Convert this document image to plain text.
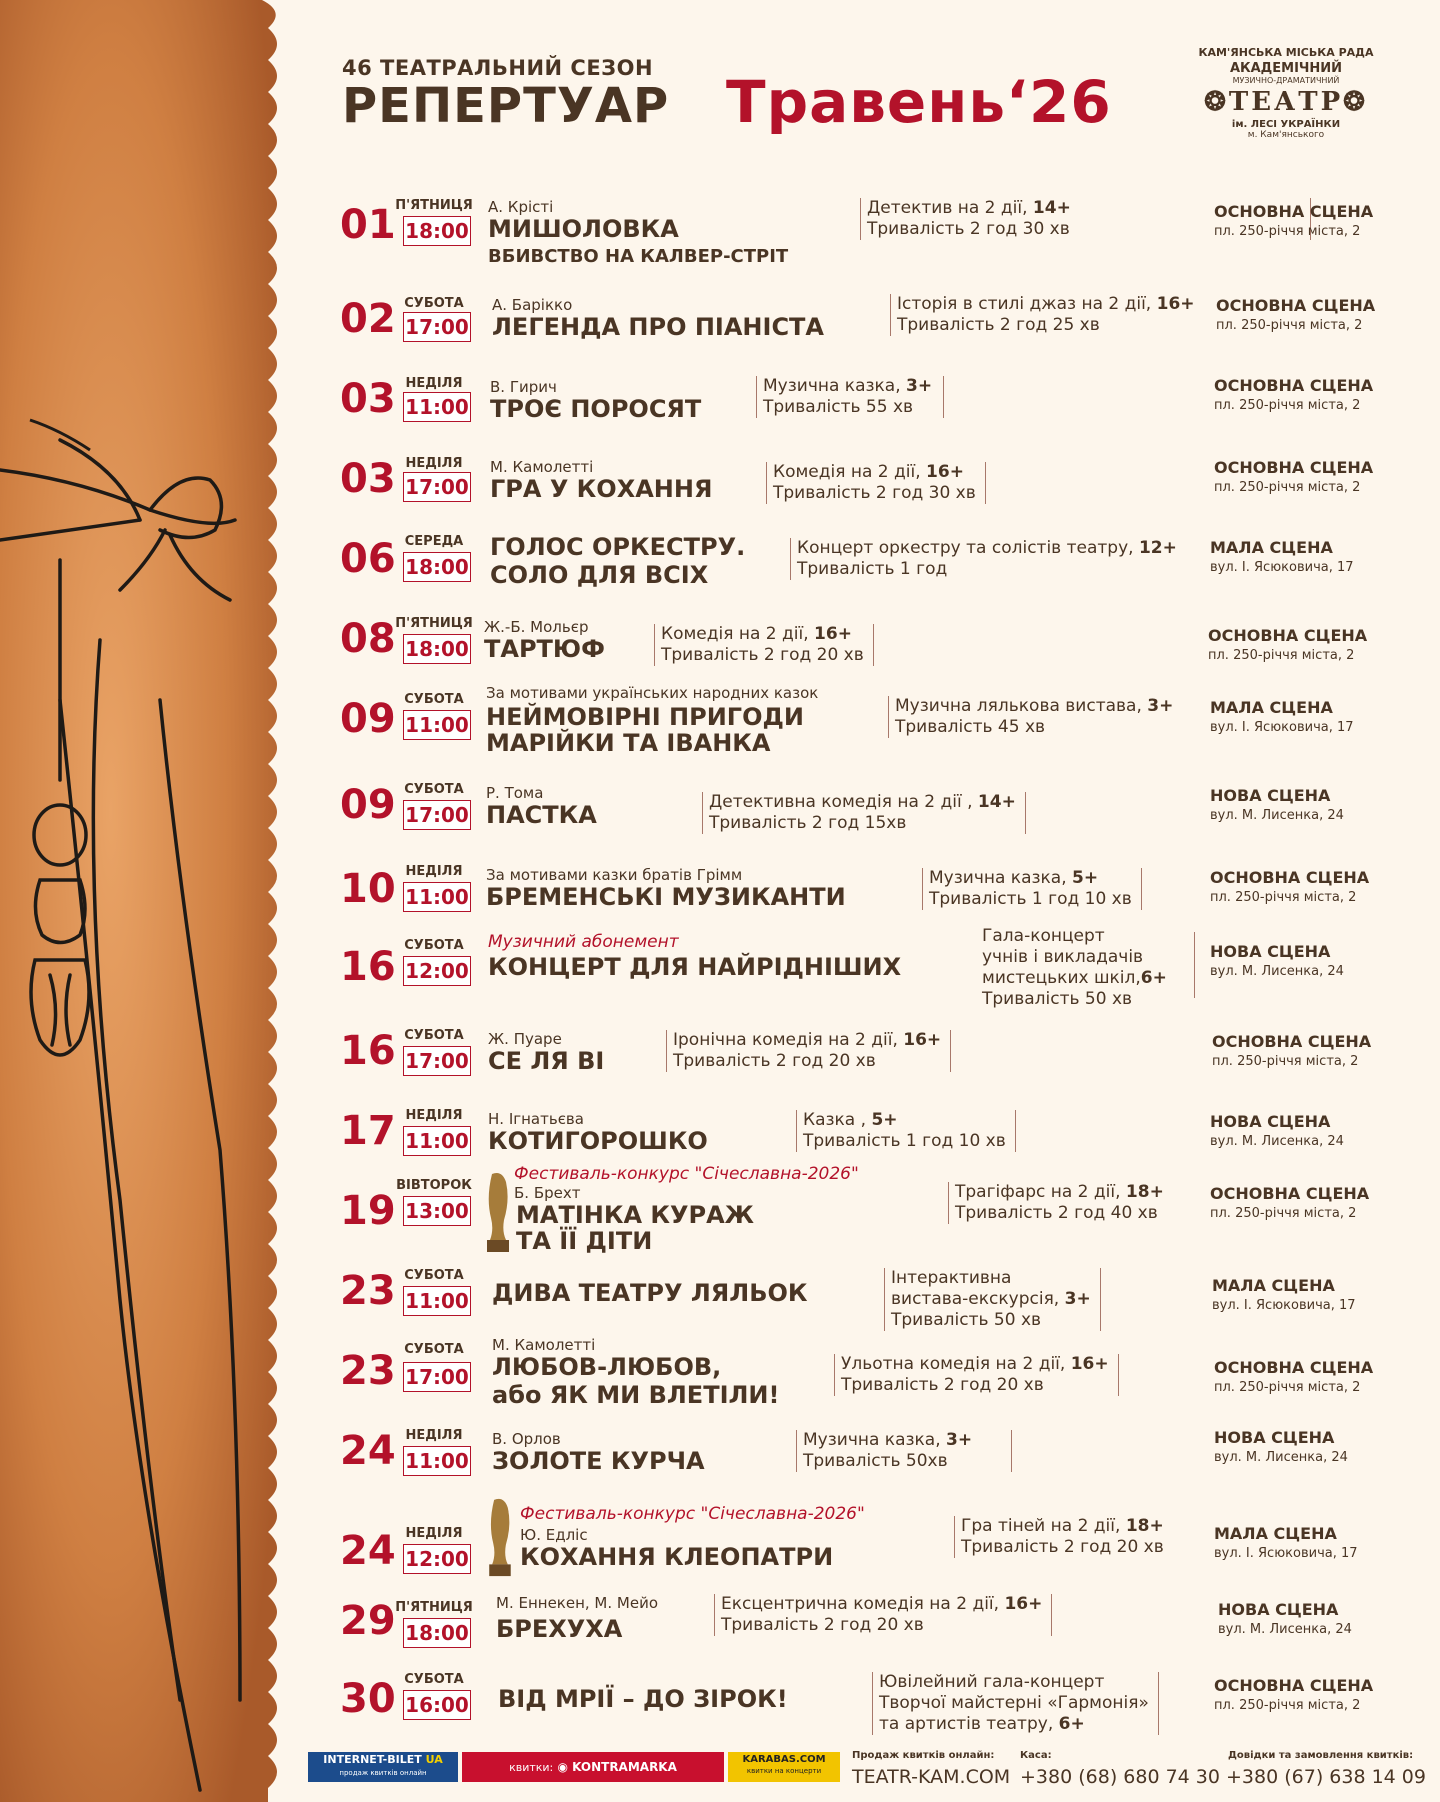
46 ТЕАТРАЛЬНИЙ СЕЗОН
РЕПЕРТУАР Травень‘26
КАМ'ЯНСЬКА МІСЬКА РАДА
АКАДЕМІЧНИЙ
МУЗИЧНО-ДРАМАТИЧНИЙ
❂ТЕАТР❂
ім. ЛЕСІ УКРАЇНКИ
м. Кам'янського
01 П'ЯТНИЦЯ
18:00
А. Крісті
МИШОЛОВКА
ВБИВСТВО НА КАЛВЕР-СТРІТ
Детектив на 2 дії, 14+
Тривалість 2 год 30 хв
ОСНОВНА СЦЕНА
пл. 250-річчя міста, 2
02 СУБОТА
17:00
А. Барікко
ЛЕГЕНДА ПРО ПІАНІСТА
Історія в стилі джаз на 2 дії, 16+
Тривалість 2 год 25 хв
ОСНОВНА СЦЕНА
пл. 250-річчя міста, 2
03 НЕДІЛЯ
11:00
В. Гирич
ТРОЄ ПОРОСЯТ
Музична казка, 3+
Тривалість 55 хв
ОСНОВНА СЦЕНА
пл. 250-річчя міста, 2
03 НЕДІЛЯ
17:00
М. Камолетті
ГРА У КОХАННЯ
Комедія на 2 дії, 16+
Тривалість 2 год 30 хв
ОСНОВНА СЦЕНА
пл. 250-річчя міста, 2
06 СЕРЕДА
18:00
ГОЛОС ОРКЕСТРУ.
СОЛО ДЛЯ ВСІХ
Концерт оркестру та солістів театру, 12+
Тривалість 1 год
МАЛА СЦЕНА
вул. І. Ясюковича, 17
08 П'ЯТНИЦЯ
18:00
Ж.-Б. Мольєр
ТАРТЮФ
Комедія на 2 дії, 16+
Тривалість 2 год 20 хв
ОСНОВНА СЦЕНА
пл. 250-річчя міста, 2
09 СУБОТА
11:00
За мотивами українських народних казок
НЕЙМОВІРНІ ПРИГОДИ
МАРІЙКИ ТА ІВАНКА
Музична лялькова вистава, 3+
Тривалість 45 хв
МАЛА СЦЕНА
вул. І. Ясюковича, 17
09 СУБОТА
17:00
Р. Тома
ПАСТКА	Детективна комедія на 2 дії , 14+
Тривалість 2 год 15хв
НОВА СЦЕНА
вул. М. Лисенка, 24
10 НЕДІЛЯ
11:00
За мотивами казки братів Грімм
БРЕМЕНСЬКІ МУЗИКАНТИ
Музична казка, 5+
Тривалість 1 год 10 хв
ОСНОВНА СЦЕНА
пл. 250-річчя міста, 2
16 СУБОТА
12:00
Музичний абонемент
КОНЦЕРТ ДЛЯ НАЙРІДНІШИХ
Гала-концерт
учнів і викладачів
мистецьких шкіл,6+
Тривалість 50 хв
НОВА СЦЕНА
вул. М. Лисенка, 24
16 СУБОТА
17:00
Ж. Пуаре
СЕ ЛЯ ВІ
Іронічна комедія на 2 дії, 16+
Тривалість 2 год 20 хв
ОСНОВНА СЦЕНА
пл. 250-річчя міста, 2
17 НЕДІЛЯ
11:00
Н. Ігнатьєва
КОТИГОРОШКО
Казка , 5+
Тривалість 1 год 10 хв
НОВА СЦЕНА
вул. М. Лисенка, 24
19
ВІВТОРОК
13:00
Фестиваль-конкурс "Січеславна-2026"
Б. Брехт
МАТІНКА КУРАЖ
ТА ЇЇ ДІТИ
Трагіфарс на 2 дії, 18+
Тривалість 2 год 40 хв
ОСНОВНА СЦЕНА
пл. 250-річчя міста, 2
23 СУБОТА
11:00 ДИВА ТЕАТРУ ЛЯЛЬОК
Інтерактивна
вистава-екскурсія, 3+
Тривалість 50 хв
МАЛА СЦЕНА
вул. І. Ясюковича, 17
23 СУБОТА
17:00
М. Камолетті
ЛЮБОВ-ЛЮБОВ,
або ЯК МИ ВЛЕТІЛИ!
Ульотна комедія на 2 дії, 16+
Тривалість 2 год 20 хв
ОСНОВНА СЦЕНА
пл. 250-річчя міста, 2
24 НЕДІЛЯ
11:00
В. Орлов
ЗОЛОТЕ КУРЧА
Музична казка, 3+
Тривалість 50хв
НОВА СЦЕНА
вул. М. Лисенка, 24
24 НЕДІЛЯ
12:00
Фестиваль-конкурс "Січеславна-2026"
Ю. Едліс
КОХАННЯ КЛЕОПАТРИ
Гра тіней на 2 дії, 18+
Тривалість 2 год 20 хв
МАЛА СЦЕНА
вул. І. Ясюковича, 17
29 П'ЯТНИЦЯ
18:00
М. Еннекен, М. Мейо
БРЕХУХА
Ексцентрична комедія на 2 дії, 16+
Тривалість 2 год 20 хв
НОВА СЦЕНА
вул. М. Лисенка, 24
30 СУБОТА
16:00 ВІД МРІЇ – ДО ЗІРОК!
Ювілейний гала-концерт
Творчої майстерні «Гармонія»
та артистів театру, 6+
ОСНОВНА СЦЕНА
пл. 250-річчя міста, 2
INTERNET-BILET UA
продаж квитків онлайн	квитки: ◉ KONTRAMARKA
KARABAS.COM
квитки на концерти
Продаж квитків онлайн:
TEATR-KAM.COM
Каса:
+380 (68) 680 74 30
Довідки та замовлення квитків:
+380 (67) 638 14 09
